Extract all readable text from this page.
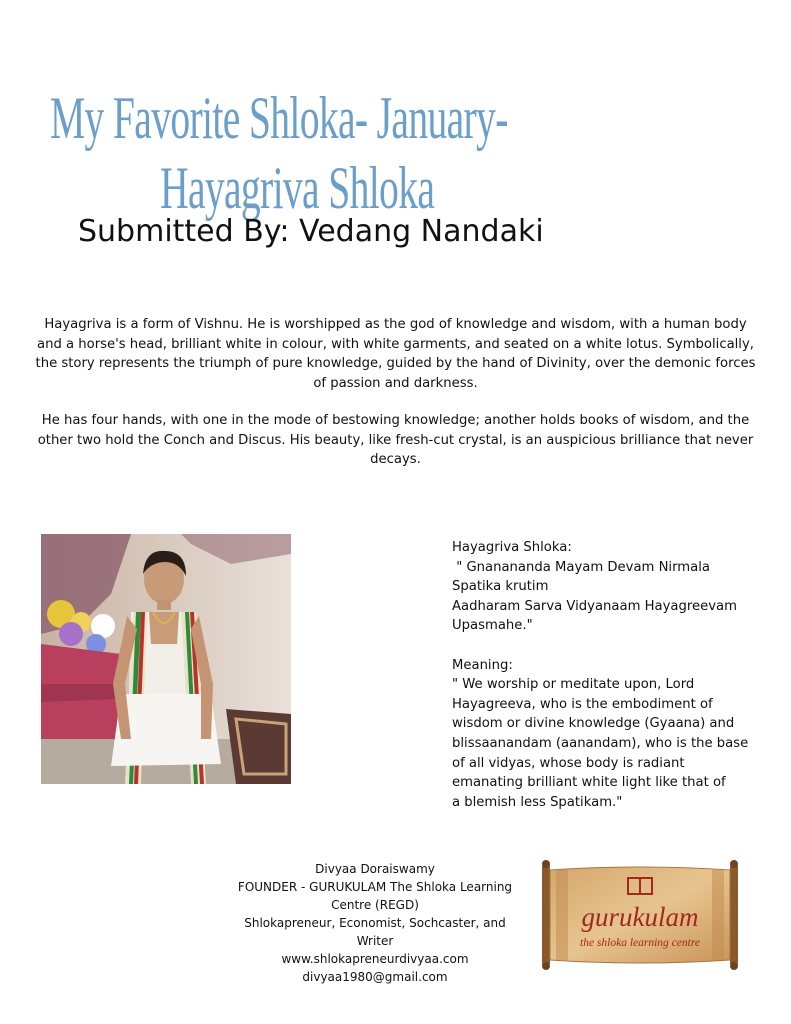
My Favorite Shloka- January-
Hayagriva Shloka
Submitted By: Vedang Nandaki

Hayagriva is a form of Vishnu. He is worshipped as the god of knowledge and wisdom, with a human body and a horse's head, brilliant white in colour, with white garments, and seated on a white lotus. Symbolically, the story represents the triumph of pure knowledge, guided by the hand of Divinity, over the demonic forces of passion and darkness.

He has four hands, with one in the mode of bestowing knowledge; another holds books of wisdom, and the other two hold the Conch and Discus. His beauty, like fresh-cut crystal, is an auspicious brilliance that never decays.

Hayagriva Shloka:
" Gnanananda Mayam Devam Nirmala
Spatika krutim
Aadharam Sarva Vidyanaam Hayagreevam
Upasmahe."
Meaning:
" We worship or meditate upon, Lord
Hayagreeva, who is the embodiment of
wisdom or divine knowledge (Gyaana) and
blissaanandam (aanandam), who is the base
of all vidyas, whose body is radiant
emanating brilliant white light like that of
a blemish less Spatikam."
Divyaa Doraiswamy
FOUNDER - GURUKULAM The Shloka Learning
Centre (REGD)
Shlokapreneur, Economist, Sochcaster, and
Writer
www.shlokapreneurdivyaa.com
divyaa1980@gmail.com
gurukulam
the shloka learning centre
